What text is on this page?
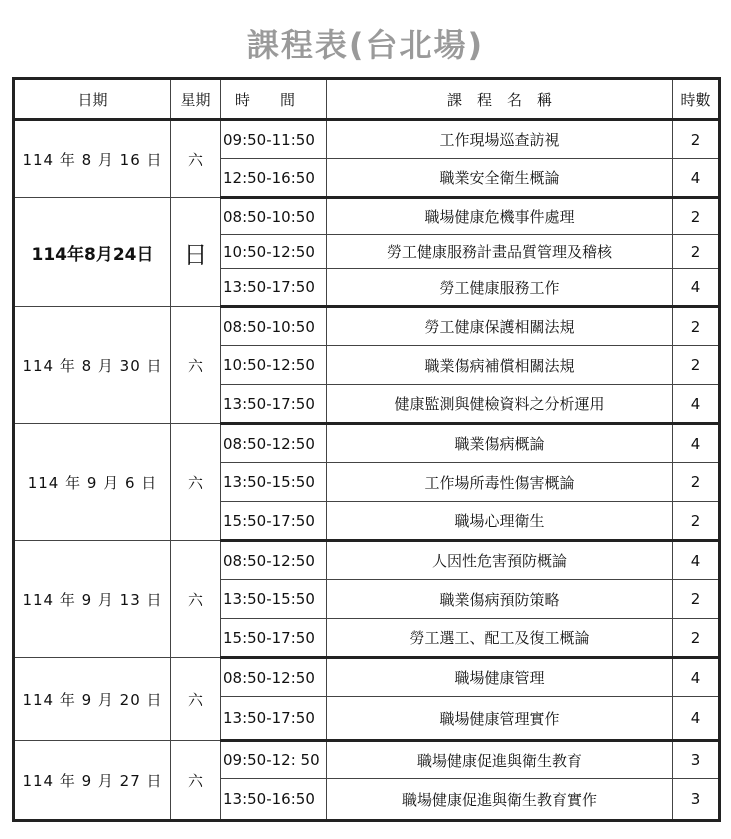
課程表(台北場)
日期	星期	時　　間	課　程　名　稱	時數
114 年 8 月 16 日	六	09:50-11:50	工作現場巡查訪視	2
		12:50-16:50	職業安全衛生概論	4
114年8月24日	日	08:50-10:50	職場健康危機事件處理	2
		10:50-12:50	勞工健康服務計畫品質管理及稽核	2
		13:50-17:50	勞工健康服務工作	4
114 年 8 月 30 日	六	08:50-10:50	勞工健康保護相關法規	2
		10:50-12:50	職業傷病補償相關法規	2
		13:50-17:50	健康監測與健檢資料之分析運用	4
114 年 9 月 6 日	六	08:50-12:50	職業傷病概論	4
		13:50-15:50	工作場所毒性傷害概論	2
		15:50-17:50	職場心理衛生	2
114 年 9 月 13 日	六	08:50-12:50	人因性危害預防概論	4
		13:50-15:50	職業傷病預防策略	2
		15:50-17:50	勞工選工、配工及復工概論	2
114 年 9 月 20 日	六	08:50-12:50	職場健康管理	4
		13:50-17:50	職場健康管理實作	4
114 年 9 月 27 日	六	09:50-12: 50	職場健康促進與衛生教育	3
		13:50-16:50	職場健康促進與衛生教育實作	3
